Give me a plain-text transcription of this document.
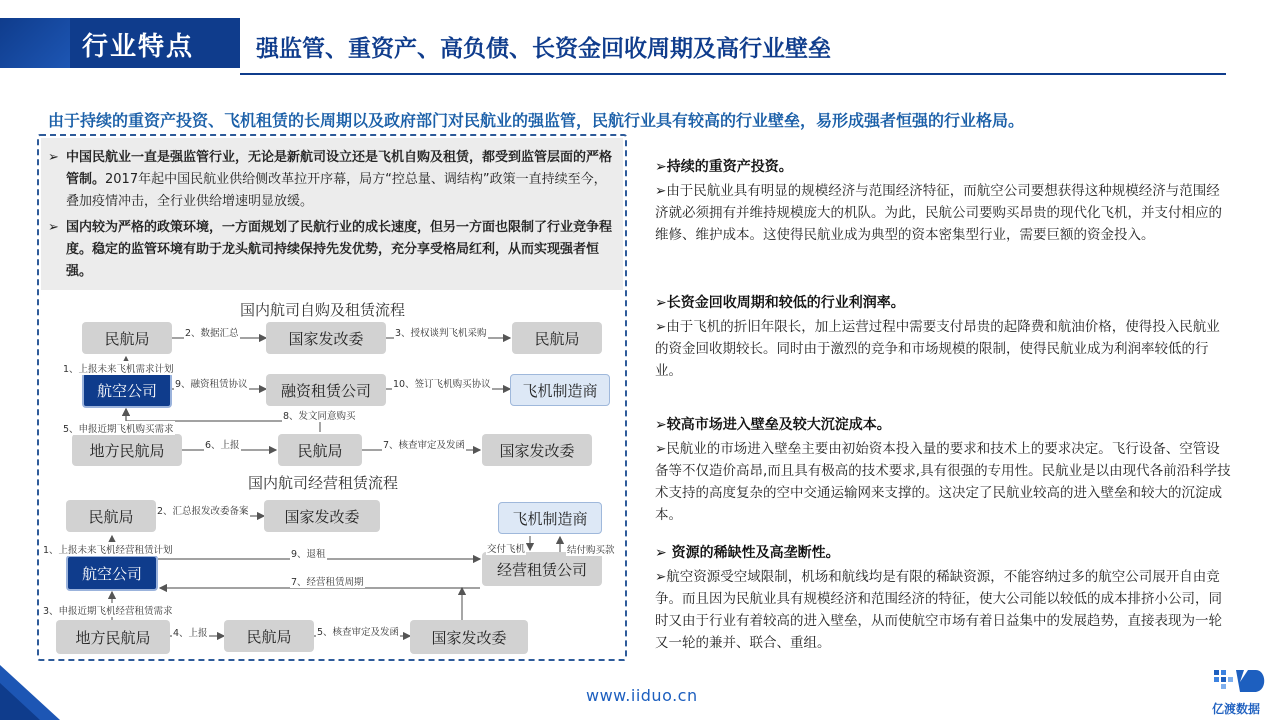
行业特点	强监管、重资产、高负债、长资金回收周期及高行业壁垒
由于持续的重资产投资、飞机租赁的长周期以及政府部门对民航业的强监管，民航行业具有较高的行业壁垒，易形成强者恒强的行业格局。
➢ 中国民航业一直是强监管行业，无论是新航司设立还是飞机自购及租赁，都受到监管层面的严格管制。2017年起中国民航业供给侧改革拉开序幕，局方“控总量、调结构”政策一直持续至今，叠加疫情冲击，全行业供给增速明显放缓。
➢ 国内较为严格的政策环境，一方面规划了民航行业的成长速度，但另一方面也限制了行业竞争程度。稳定的监管环境有助于龙头航司持续保持先发优势，充分享受格局红利，从而实现强者恒强。
国内航司自购及租赁流程
民航局	国家发改委	民航局
航空公司	融资租赁公司	飞机制造商
地方民航局	民航局	国家发改委
2、数据汇总	3、授权谈判飞机采购
1、上报未来飞机需求计划
9、融资租赁协议	10、签订飞机购买协议
8、发文同意购买
5、申报近期飞机购买需求
6、上报	7、核查审定及发函
国内航司经营租赁流程
民航局	国家发改委	飞机制造商
航空公司	经营租赁公司
地方民航局	民航局	国家发改委
2、汇总报发改委备案
1、上报未来飞机经营租赁计划	9、退租	交付飞机	结付购买款
7、经营租赁周期
3、申报近期飞机经营租赁需求
4、上报	5、核查审定及发函
➢持续的重资产投资。
➢由于民航业具有明显的规模经济与范围经济特征，而航空公司要想获得这种规模经济与范围经济就必须拥有并维持规模庞大的机队。为此，民航公司要购买昂贵的现代化飞机，并支付相应的维修、维护成本。这使得民航业成为典型的资本密集型行业，需要巨额的资金投入。
➢长资金回收周期和较低的行业利润率。
➢由于飞机的折旧年限长，加上运营过程中需要支付昂贵的起降费和航油价格，使得投入民航业的资金回收期较长。同时由于激烈的竞争和市场规模的限制，使得民航业成为利润率较低的行业。
➢较高市场进入壁垒及较大沉淀成本。
➢民航业的市场进入壁垒主要由初始资本投入量的要求和技术上的要求决定。飞行设备、空管设备等不仅造价高昂,而且具有极高的技术要求,具有很强的专用性。民航业是以由现代各前沿科学技术支持的高度复杂的空中交通运输网来支撑的。这决定了民航业较高的进入壁垒和较大的沉淀成本。
➢ 资源的稀缺性及高垄断性。
➢航空资源受空域限制，机场和航线均是有限的稀缺资源，不能容纳过多的航空公司展开自由竞争。而且因为民航业具有规模经济和范围经济的特征，使大公司能以较低的成本排挤小公司，同时又由于行业有着较高的进入壁垒，从而使航空市场有着日益集中的发展趋势，直接表现为一轮又一轮的兼并、联合、重组。
www.iiduo.cn
亿渡数据
